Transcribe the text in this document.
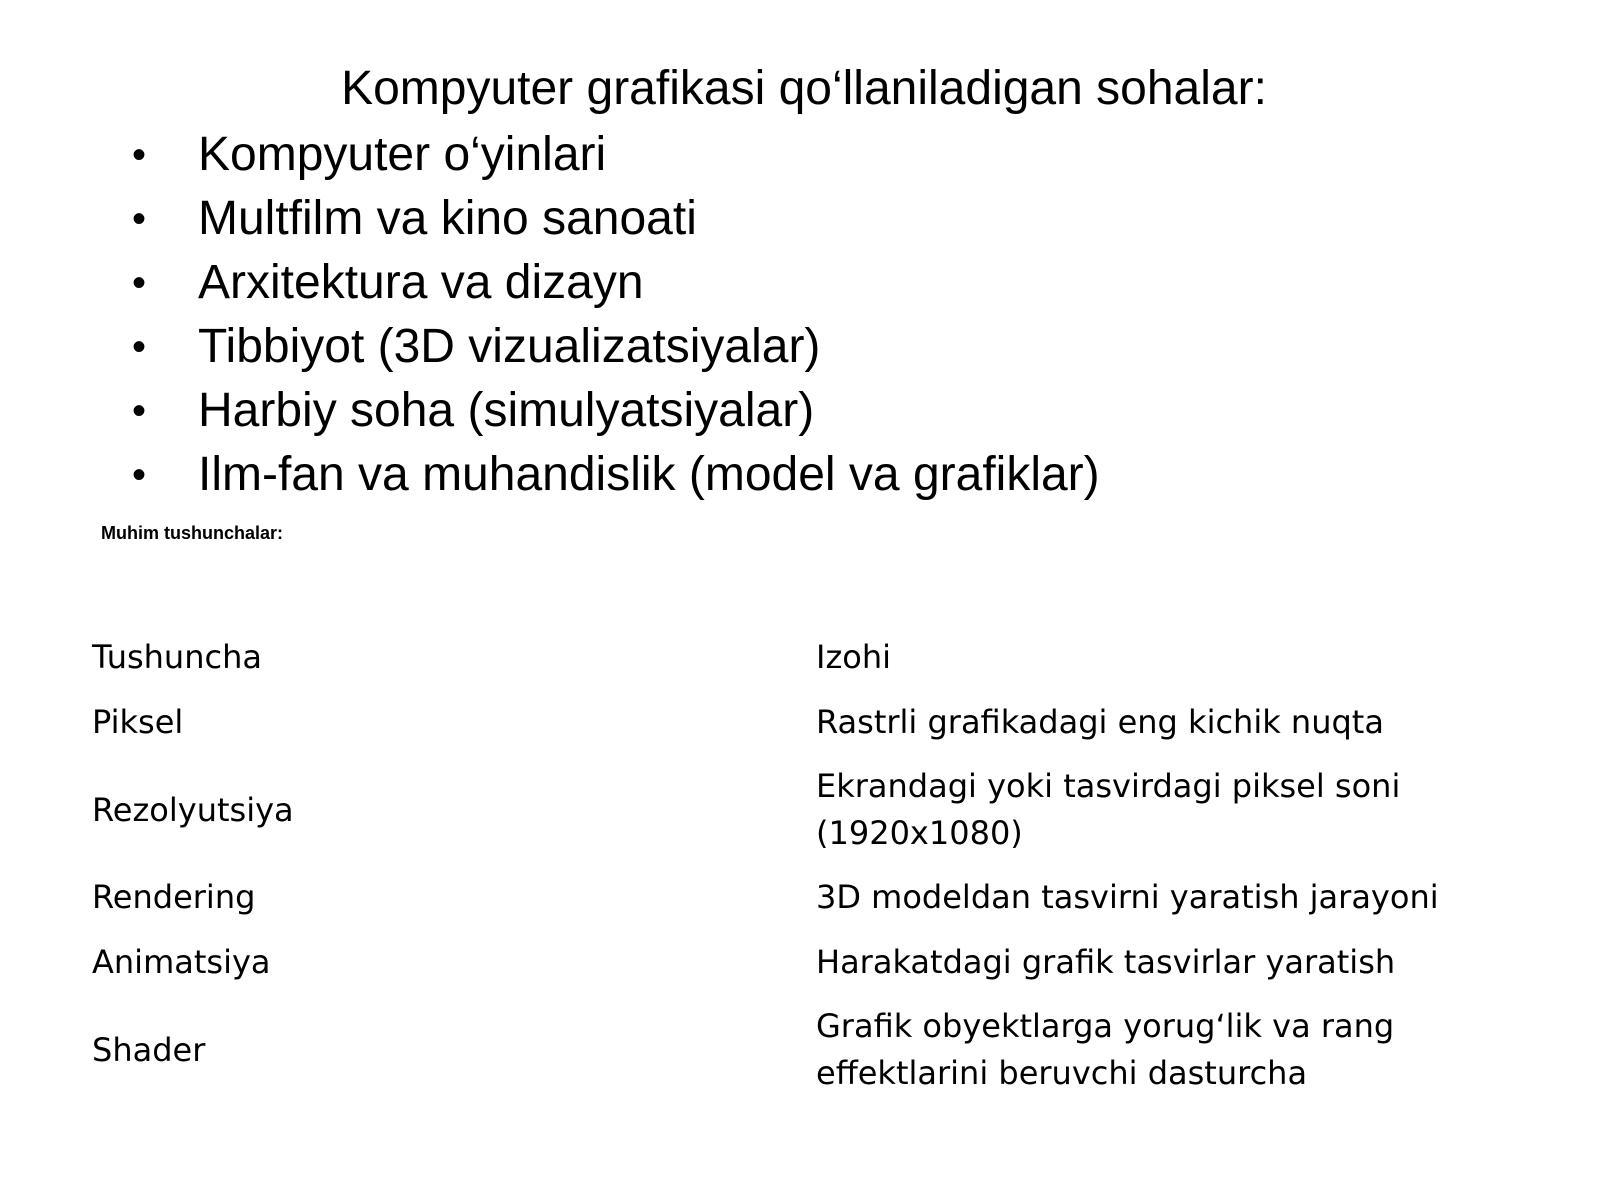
Kompyuter grafikasi qo‘llaniladigan sohalar:
• Kompyuter o‘yinlari
• Multfilm va kino sanoati
• Arxitektura va dizayn
• Tibbiyot (3D vizualizatsiyalar)
• Harbiy soha (simulyatsiyalar)
• Ilm-fan va muhandislik (model va grafiklar)
Muhim tushunchalar:
Tushuncha	Izohi
Piksel	Rastrli grafikadagi eng kichik nuqta
Rezolyutsiya	Ekrandagi yoki tasvirdagi piksel soni (1920x1080)
Rendering	3D modeldan tasvirni yaratish jarayoni
Animatsiya	Harakatdagi grafik tasvirlar yaratish
Shader	Grafik obyektlarga yorug‘lik va rang effektlarini beruvchi dasturcha
